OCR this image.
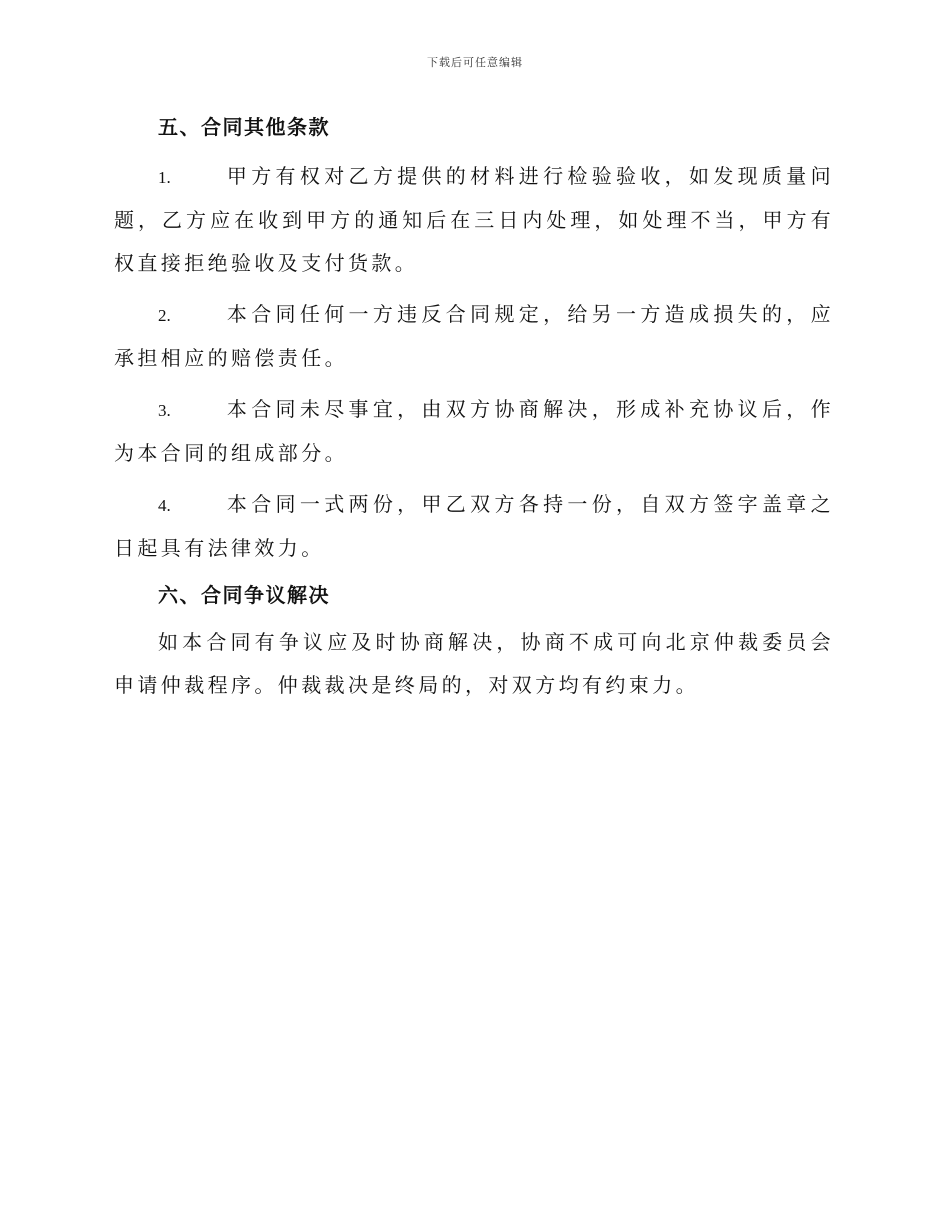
下载后可任意编辑
五、合同其他条款

1.	甲方有权对乙方提供的材料进行检验验收，如发现质量问题，乙方应在收到甲方的通知后在三日内处理，如处理不当，甲方有权直接拒绝验收及支付货款。

2.	本合同任何一方违反合同规定，给另一方造成损失的，应承担相应的赔偿责任。

3.	本合同未尽事宜，由双方协商解决，形成补充协议后，作为本合同的组成部分。

4.	本合同一式两份，甲乙双方各持一份，自双方签字盖章之日起具有法律效力。

六、合同争议解决

如本合同有争议应及时协商解决，协商不成可向北京仲裁委员会申请仲裁程序。仲裁裁决是终局的，对双方均有约束力。
